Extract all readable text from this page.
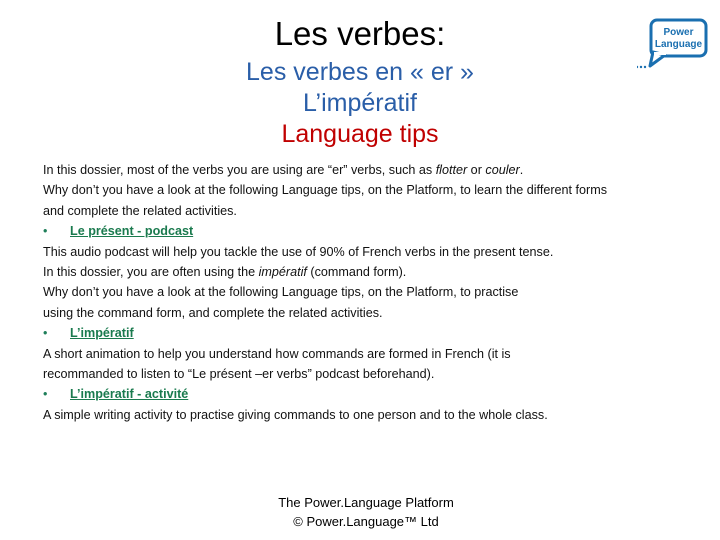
Les verbes:
Les verbes en « er »
L’impératif
Language tips
Power
Language
In this dossier, most of the verbs you are using are “er” verbs, such as flotter or couler.
Why don’t you have a look at the following Language tips, on the Platform, to learn the different forms
and complete the related activities.
• Le présent - podcast
This audio podcast will help you tackle the use of 90% of French verbs in the present tense.
In this dossier, you are often using the impératif (command form).
Why don’t you have a look at the following Language tips, on the Platform, to practise
using the command form, and complete the related activities.
• L’impératif
A short animation to help you understand how commands are formed in French (it is
recommanded to listen to “Le présent –er verbs” podcast beforehand).
• L’impératif - activité
A simple writing activity to practise giving commands to one person and to the whole class.
The Power.Language Platform
© Power.Language™ Ltd
